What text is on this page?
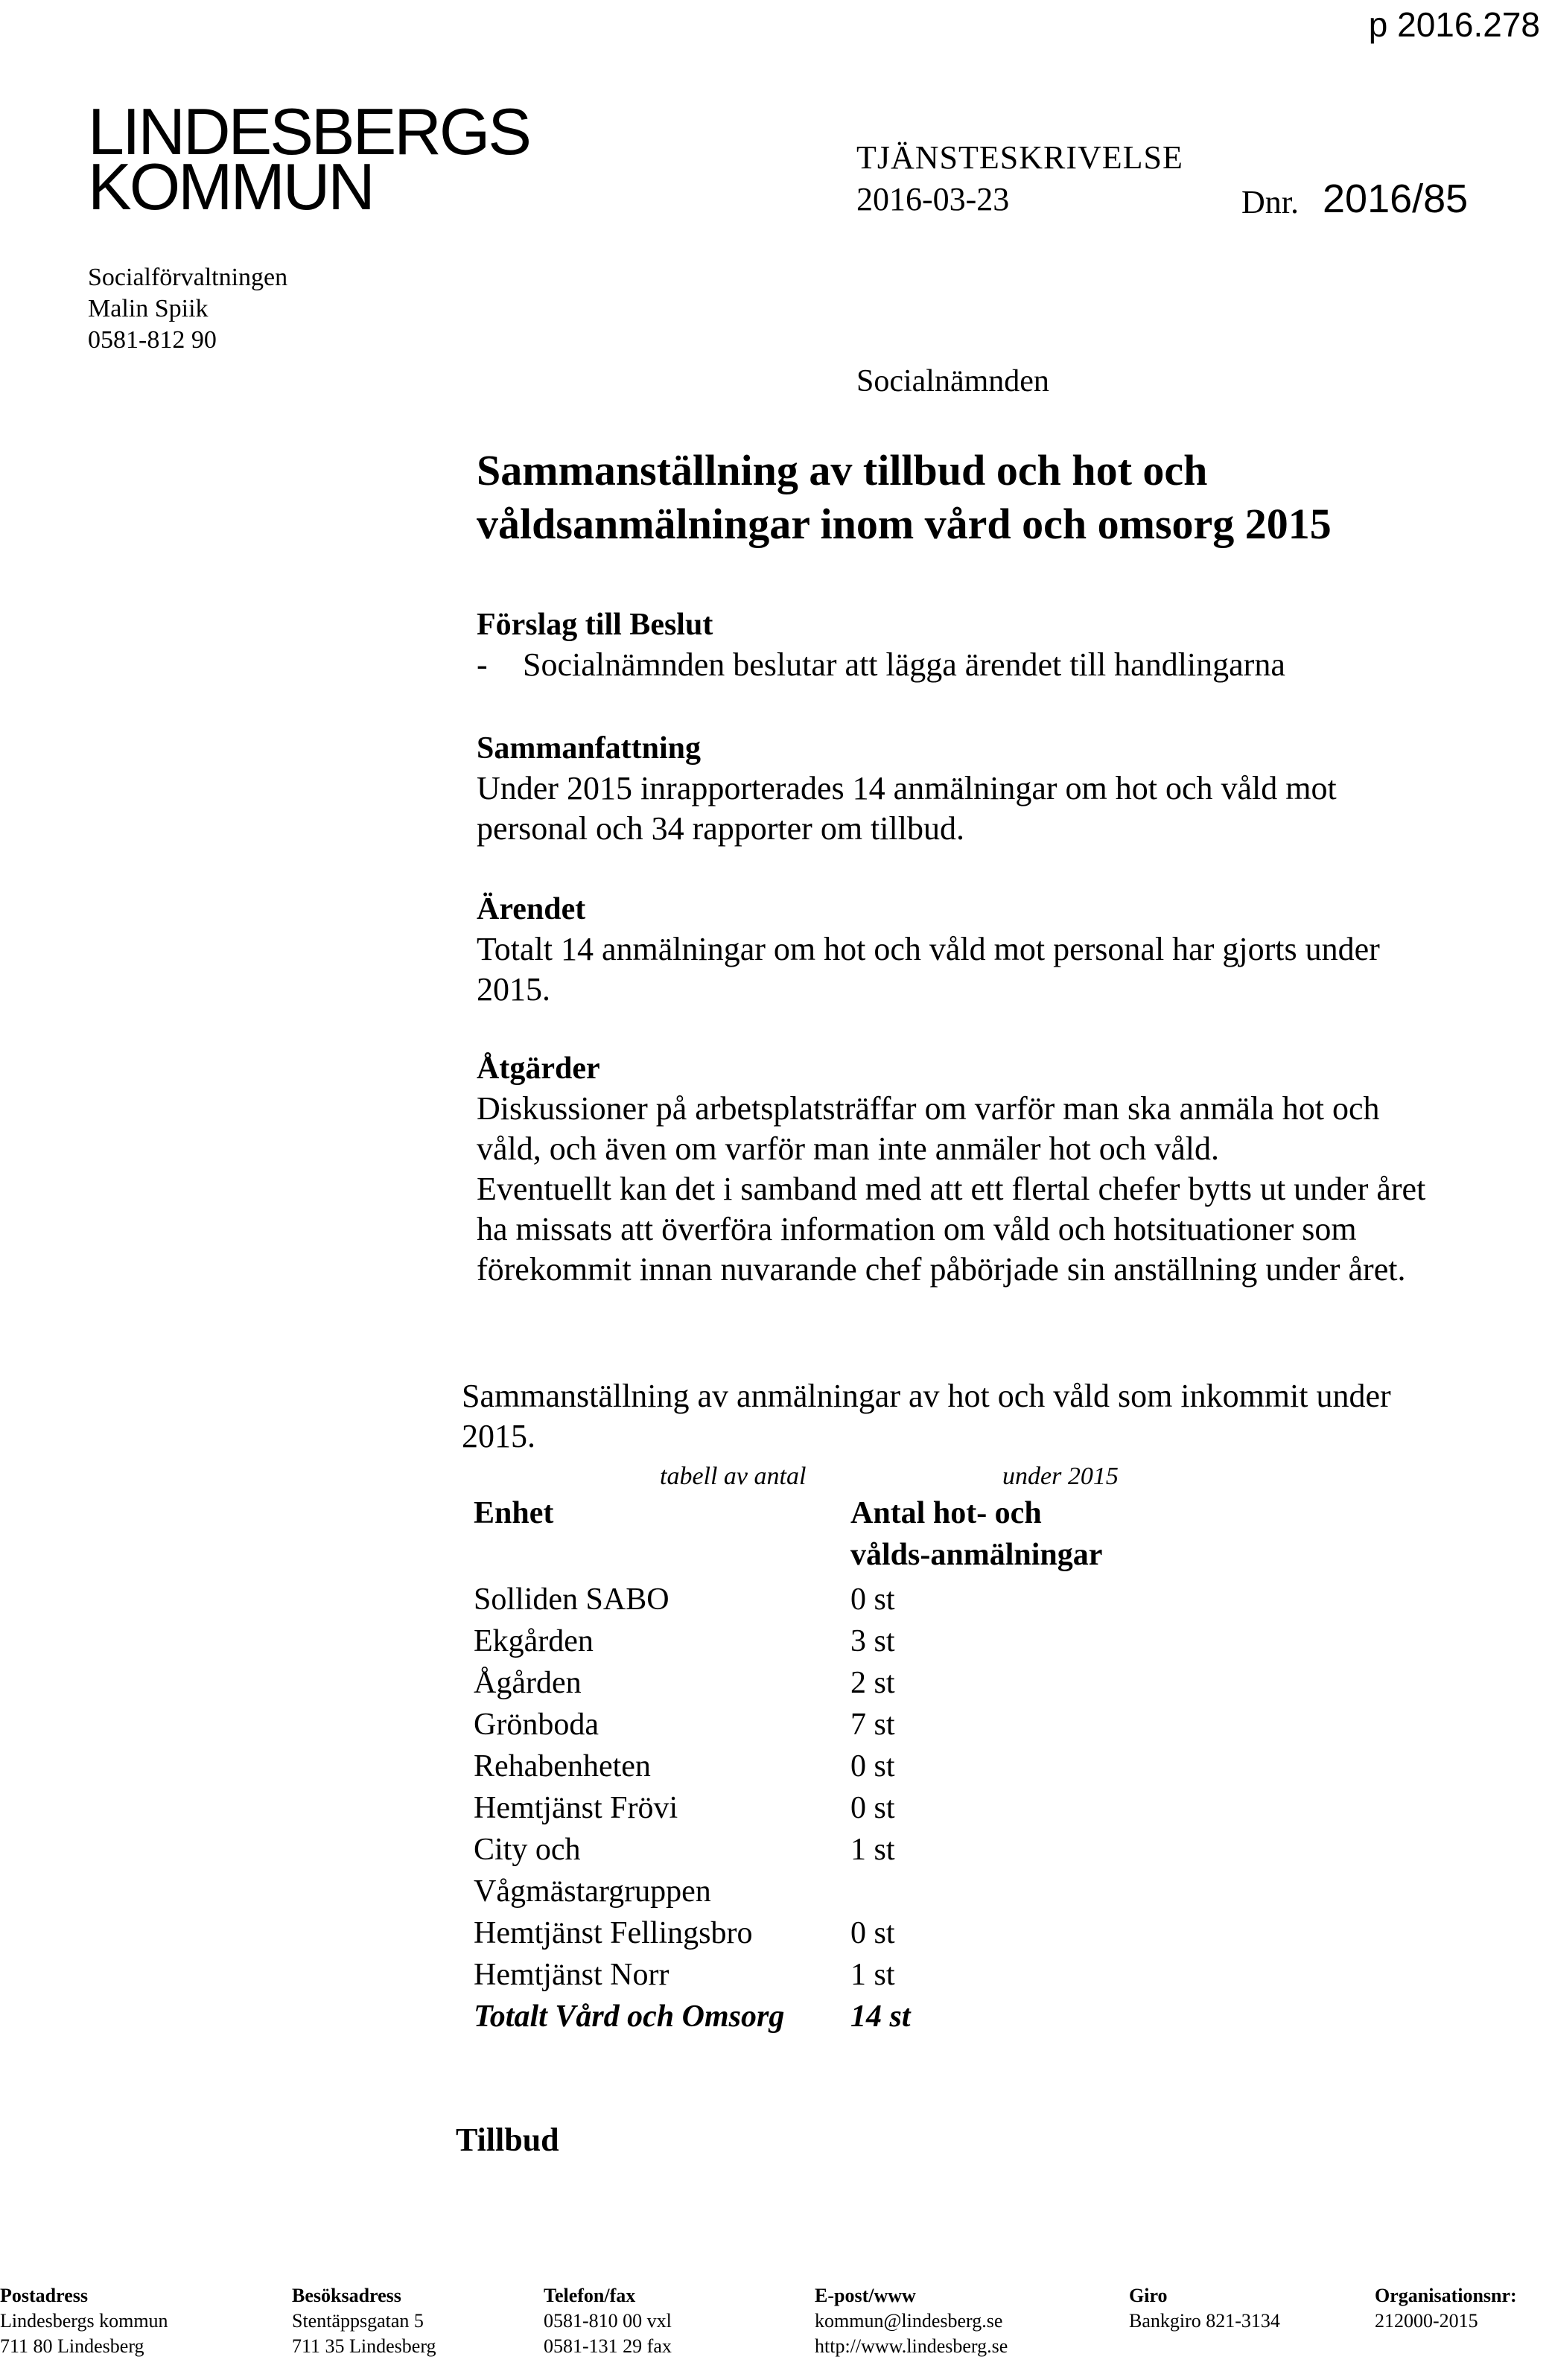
p 2016.278
LINDESBERGS
KOMMUN	TJÄNSTESKRIVELSE
2016-03-23	Dnr. 2016/85
Socialförvaltningen
Malin Spiik
0581-812 90
Socialnämnden
Sammanställning av tillbud och hot och
våldsanmälningar inom vård och omsorg 2015
Förslag till Beslut
- Socialnämnden beslutar att lägga ärendet till handlingarna
Sammanfattning
Under 2015 inrapporterades 14 anmälningar om hot och våld mot
personal och 34 rapporter om tillbud.
Ärendet
Totalt 14 anmälningar om hot och våld mot personal har gjorts under
2015.
Åtgärder
Diskussioner på arbetsplatsträffar om varför man ska anmäla hot och
våld, och även om varför man inte anmäler hot och våld.
Eventuellt kan det i samband med att ett flertal chefer bytts ut under året
ha missats att överföra information om våld och hotsituationer som
förekommit innan nuvarande chef påbörjade sin anställning under året.
Sammanställning av anmälningar av hot och våld som inkommit under
2015.
tabell av antal	under 2015
Enhet	Antal hot- och
vålds-anmälningar
Solliden SABO	0 st
Ekgården	3 st
Ågården	2 st
Grönboda	7 st
Rehabenheten	0 st
Hemtjänst Frövi	0 st
City och	1 st
Vågmästargruppen
Hemtjänst Fellingsbro	0 st
Hemtjänst Norr	1 st
Totalt Vård och Omsorg 14 st
Tillbud
Postadress
Lindesbergs kommun
711 80 Lindesberg
Besöksadress
Stentäppsgatan 5
711 35 Lindesberg
Telefon/fax
0581-810 00 vxl
0581-131 29 fax
E-post/www
kommun@lindesberg.se
http://www.lindesberg.se
Giro
Bankgiro 821-3134
Organisationsnr:
212000-2015
